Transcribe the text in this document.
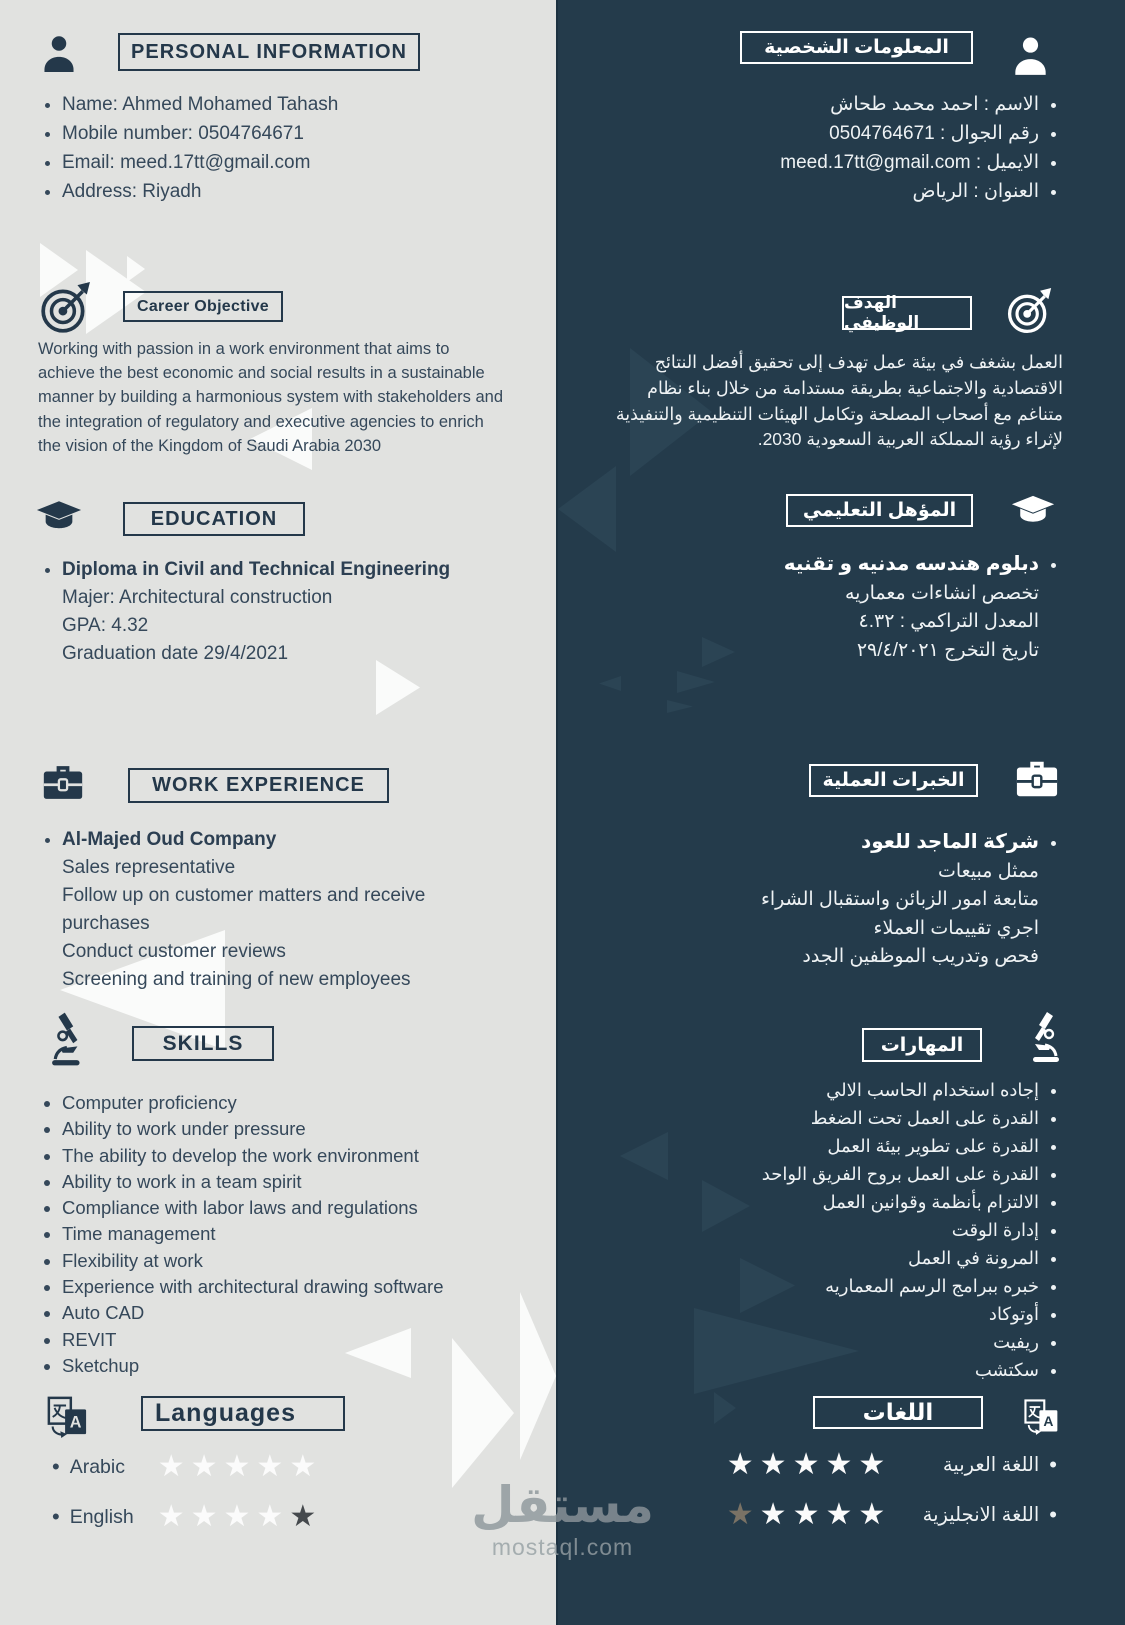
PERSONAL INFORMATION
• Name: Ahmed Mohamed Tahash
• Mobile number: 0504764671
• Email: meed.17tt@gmail.com
• Address: Riyadh
Career Objective
Working with passion in a work environment that aims to achieve the best economic and social results in a sustainable manner by building a harmonious system with stakeholders and the integration of regulatory and executive agencies to enrich the vision of the Kingdom of Saudi Arabia 2030
EDUCATION
• Diploma in Civil and Technical Engineering
Majer: Architectural construction
GPA: 4.32
Graduation date 29/4/2021
WORK EXPERIENCE
• Al-Majed Oud Company
Sales representative
Follow up on customer matters and receive purchases
Conduct customer reviews
Screening and training of new employees
SKILLS
• Computer proficiency
• Ability to work under pressure
• The ability to develop the work environment
• Ability to work in a team spirit
• Compliance with labor laws and regulations
• Time management
• Flexibility at work
• Experience with architectural drawing software
• Auto CAD
• REVIT
• Sketchup
A	Languages
• Arabic	★ ★ ★ ★ ★
• English ★ ★ ★ ★ ★
المعلومات الشخصية
• الاسم : احمد محمد طحاش
• رقم الجوال : 0504764671
• الايميل : meed.17tt@gmail.com
• العنوان : الرياض
الهدف الوظيفي
العمل بشغف في بيئة عمل تهدف إلى تحقيق أفضل النتائج الاقتصادية والاجتماعية بطريقة مستدامة من خلال بناء نظام متناغم مع أصحاب المصلحة وتكامل الهيئات التنظيمية والتنفيذية لإثراء رؤية المملكة العربية السعودية 2030.
المؤهل التعليمي
• دبلوم هندسه مدنيه و تقنيه
تخصص انشاءات معماريه
المعدل التراكمي : ٤.٣٢
تاريخ التخرج ٢٩/٤/٢٠٢١
الخبرات العملية
• شركة الماجد للعود
ممثل مبيعات
متابعة امور الزبائن واستقبال الشراء
اجري تقييمات العملاء
فحص وتدريب الموظفين الجدد
المهارات
• إجاده استخدام الحاسب الالي
• القدرة على العمل تحت الضغط
• القدرة على تطوير بيئة العمل
• القدرة على العمل بروح الفريق الواحد
• الالتزام بأنظمة وقوانين العمل
• إدارة الوقت
• المرونة في العمل
• خبره ببرامج الرسم المعماريه
• أوتوكاد
• ريفيت
• سكتشب
A
اللغات
•
اللغة العربية
★
★
★
★
★
•
اللغة الانجليزية
★
★
★
★
★
مستقل
mostaql.com
